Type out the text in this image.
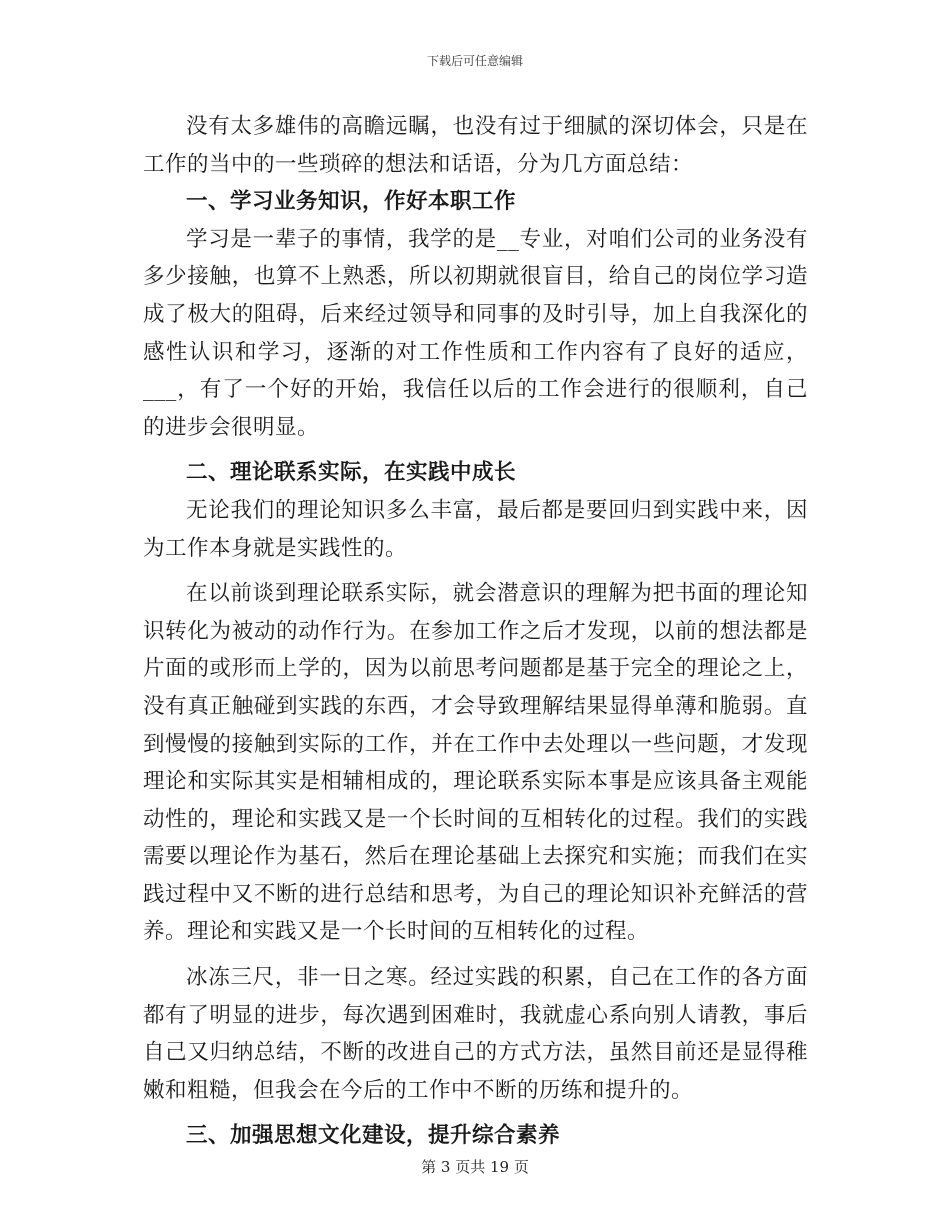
下载后可任意编辑

没有太多雄伟的高瞻远瞩，也没有过于细腻的深切体会，只是在工作的当中的一些琐碎的想法和话语，分为几方面总结：

一、学习业务知识，作好本职工作

学习是一辈子的事情，我学的是__专业，对咱们公司的业务没有多少接触，也算不上熟悉，所以初期就很盲目，给自己的岗位学习造成了极大的阻碍，后来经过领导和同事的及时引导，加上自我深化的感性认识和学习，逐渐的对工作性质和工作内容有了良好的适应，___，有了一个好的开始，我信任以后的工作会进行的很顺利，自己的进步会很明显。

二、理论联系实际，在实践中成长

无论我们的理论知识多么丰富，最后都是要回归到实践中来，因为工作本身就是实践性的。

在以前谈到理论联系实际，就会潜意识的理解为把书面的理论知识转化为被动的动作行为。在参加工作之后才发现，以前的想法都是片面的或形而上学的，因为以前思考问题都是基于完全的理论之上，没有真正触碰到实践的东西，才会导致理解结果显得单薄和脆弱。直到慢慢的接触到实际的工作，并在工作中去处理以一些问题，才发现理论和实际其实是相辅相成的，理论联系实际本事是应该具备主观能动性的，理论和实践又是一个长时间的互相转化的过程。我们的实践需要以理论作为基石，然后在理论基础上去探究和实施；而我们在实践过程中又不断的进行总结和思考，为自己的理论知识补充鲜活的营养。理论和实践又是一个长时间的互相转化的过程。

冰冻三尺，非一日之寒。经过实践的积累，自己在工作的各方面都有了明显的进步，每次遇到困难时，我就虚心系向别人请教，事后自己又归纳总结，不断的改进自己的方式方法，虽然目前还是显得稚嫩和粗糙，但我会在今后的工作中不断的历练和提升的。

三、加强思想文化建设，提升综合素养

第 3 页共 19 页
